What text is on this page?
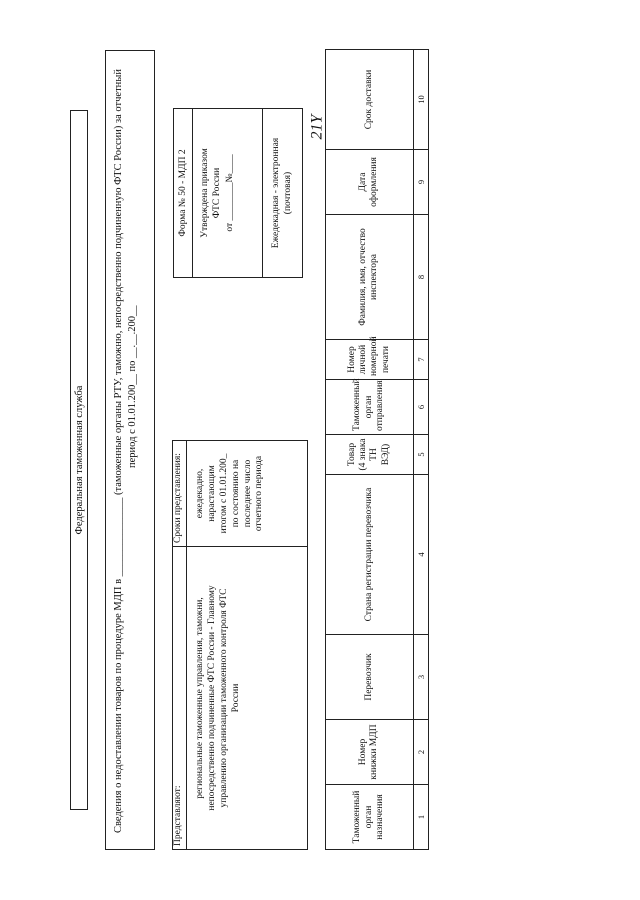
21Y
Федеральная таможенная служба	Сведения о недоставлении товаров по процедуре МДП в _______________ (таможенные органы РТУ, таможню, непосредственно подчиненную ФТС России) за отчетный период с 01.01.200__ по __.__.200__
Представляют:	Сроки представления:
региональные таможенные управления, таможни, непосредственно подчиненные ФТС России - Главному управлению организации таможенного контроля ФТС России	ежедекадно, нарастающим итогом с 01.01.200_ по состоянию на последнее число отчетного периода
Форма № 50 - МДП 2	Утверждена приказом ФТС России от ________№____	Ежедекадная - электронная (почтовая)
Таможенный орган назначения	Номер книжки МДП	Перевозчик	Страна регистрации перевозчика	Товар (4 знака ТН ВЭД)	Таможенный орган отправления	Номер личной номерной печати	Фамилия, имя, отчество инспектора	Дата оформления	Срок доставки
1	2	3	4	5	6	7	8	9	10
